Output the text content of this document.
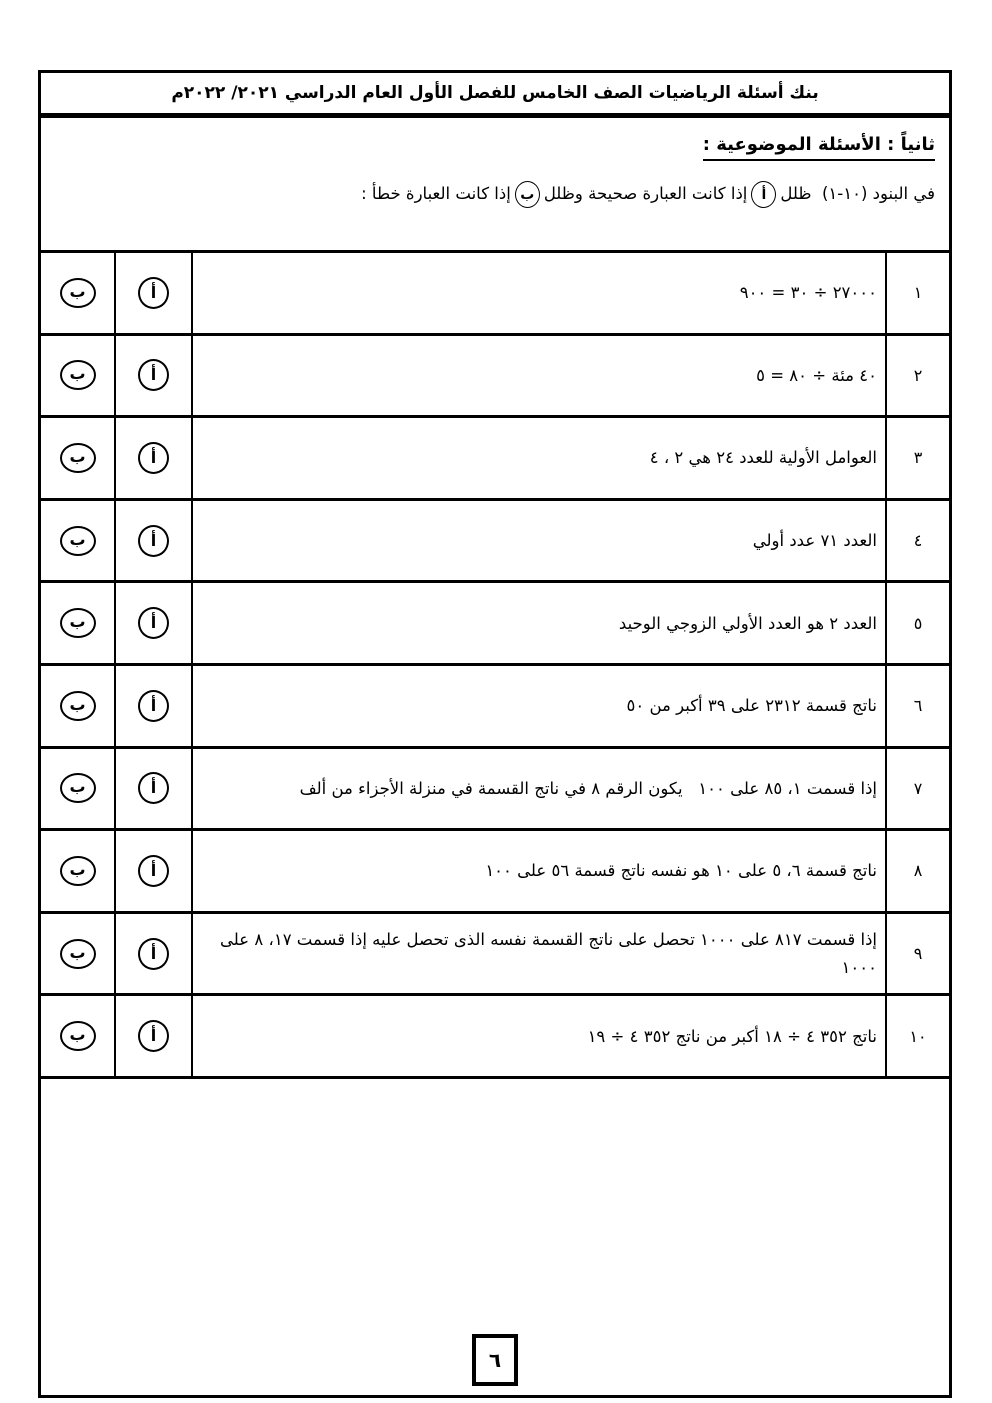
بنك أسئلة الرياضيات الصف الخامس للفصل الأول العام الدراسي ٢٠٢١/ ٢٠٢٢م
ثانياً : الأسئلة الموضوعية :
في البنود (١٠-١)  ظللأإذا كانت العبارة صحيحة وظللبإذا كانت العبارة خطأ :
١
٢٧٠٠٠ ÷ ٣٠ = ٩٠٠
أ
ب
٢
٤٠ مئة ÷ ٨٠ = ٥
أ
ب
٣
العوامل الأولية للعدد ٢٤ هي ٢ ، ٤
أ
ب
٤
العدد ٧١ عدد أولي
أ
ب
٥
العدد ٢ هو العدد الأولي الزوجي الوحيد
أ
ب
٦
ناتج قسمة ٢٣١٢ على ٣٩ أكبر من ٥٠
أ
ب
٧
إذا قسمت ١، ٨٥ على ١٠٠   يكون الرقم ٨ في ناتج القسمة في منزلة الأجزاء من ألف
أ
ب
٨
ناتج قسمة ٦، ٥ على ١٠ هو نفسه ناتج قسمة ٥٦ على ١٠٠
أ
ب
٩
إذا قسمت ٨١٧ على ١٠٠٠ تحصل على ناتج القسمة نفسه الذى تحصل عليه إذا قسمت ١٧، ٨ على ١٠٠٠
أ
ب
١٠
ناتج ٣٥٢ ٤ ÷ ١٨ أكبر من ناتج ٣٥٢ ٤ ÷ ١٩
أ
ب
٦
